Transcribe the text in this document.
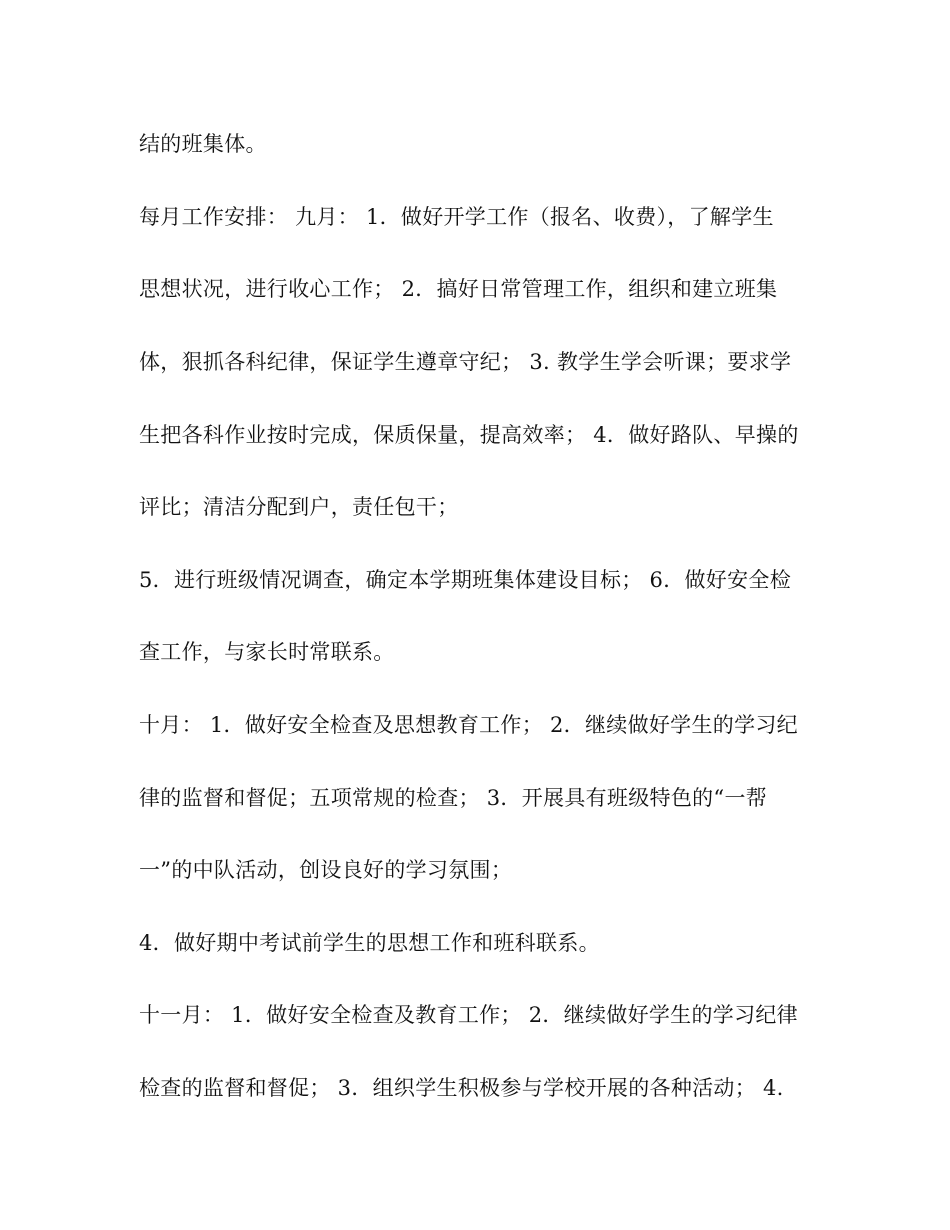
结的班集体。
每月工作安排： 九月： 1．做好开学工作（报名、收费），了解学生
思想状况，进行收心工作； 2．搞好日常管理工作，组织和建立班集
体，狠抓各科纪律，保证学生遵章守纪； 3. 教学生学会听课；要求学
生把各科作业按时完成，保质保量，提高效率； 4．做好路队、早操的
评比；清洁分配到户，责任包干；
5．进行班级情况调查，确定本学期班集体建设目标； 6．做好安全检
查工作，与家长时常联系。
十月： 1．做好安全检查及思想教育工作； 2．继续做好学生的学习纪
律的监督和督促；五项常规的检查； 3．开展具有班级特色的“一帮
一”的中队活动，创设良好的学习氛围；
4．做好期中考试前学生的思想工作和班科联系。
十一月： 1．做好安全检查及教育工作； 2．继续做好学生的学习纪律
检查的监督和督促； 3．组织学生积极参与学校开展的各种活动； 4.
